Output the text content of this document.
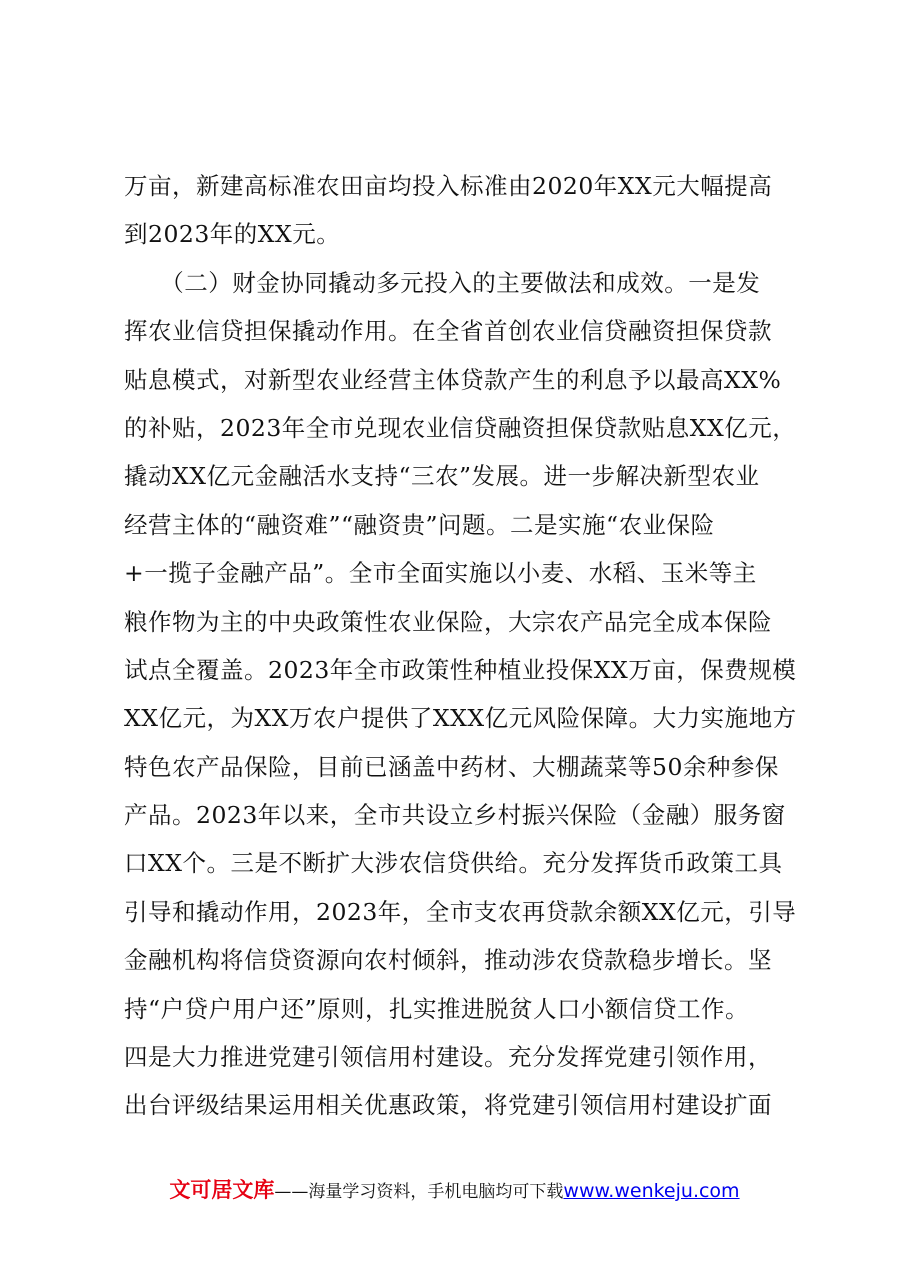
万亩，新建高标准农田亩均投入标准由2020年XX元大幅提高
到2023年的XX元。
　　（二）财金协同撬动多元投入的主要做法和成效。一是发
挥农业信贷担保撬动作用。在全省首创农业信贷融资担保贷款
贴息模式，对新型农业经营主体贷款产生的利息予以最高XX%
的补贴，2023年全市兑现农业信贷融资担保贷款贴息XX亿元，
撬动XX亿元金融活水支持“三农”发展。进一步解决新型农业
经营主体的“融资难”“融资贵”问题。二是实施“农业保险
+一揽子金融产品”。全市全面实施以小麦、水稻、玉米等主
粮作物为主的中央政策性农业保险，大宗农产品完全成本保险
试点全覆盖。2023年全市政策性种植业投保XX万亩，保费规模
XX亿元，为XX万农户提供了XXX亿元风险保障。大力实施地方
特色农产品保险，目前已涵盖中药材、大棚蔬菜等50余种参保
产品。2023年以来，全市共设立乡村振兴保险（金融）服务窗
口XX个。三是不断扩大涉农信贷供给。充分发挥货币政策工具
引导和撬动作用，2023年，全市支农再贷款余额XX亿元，引导
金融机构将信贷资源向农村倾斜，推动涉农贷款稳步增长。坚
持“户贷户用户还”原则，扎实推进脱贫人口小额信贷工作。
四是大力推进党建引领信用村建设。充分发挥党建引领作用，
出台评级结果运用相关优惠政策，将党建引领信用村建设扩面
文可居文库——海量学习资料，手机电脑均可下载www.wenkeju.com
